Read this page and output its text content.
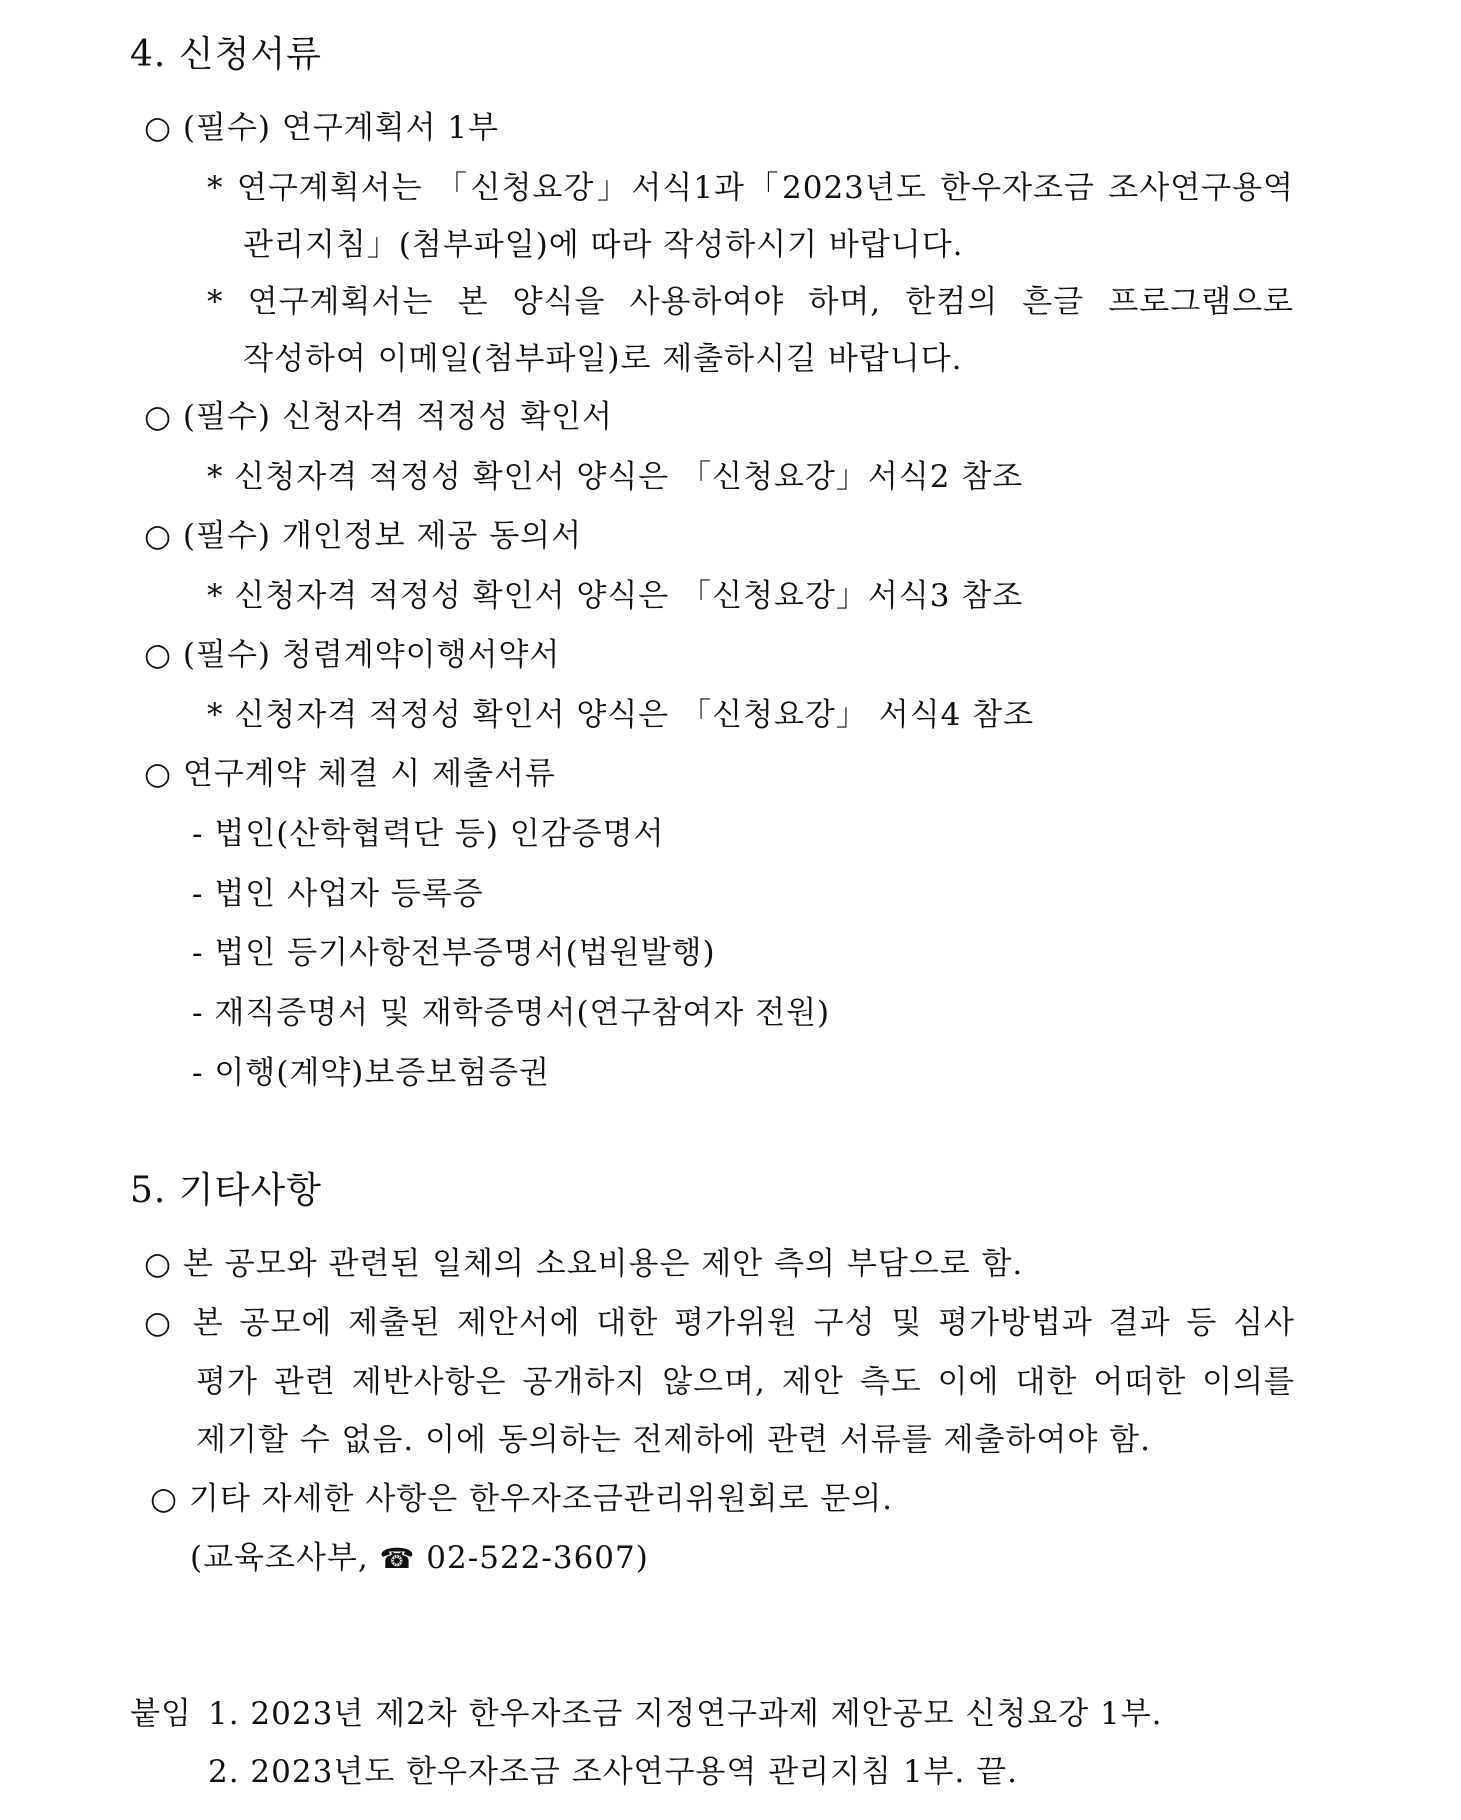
4. 신청서류
○ (필수) 연구계획서 1부
* 연구계획서는 「신청요강」서식1과「2023년도 한우자조금 조사연구용역
관리지침」(첨부파일)에 따라 작성하시기 바랍니다.
* 연구계획서는 본 양식을 사용하여야 하며, 한컴의 흔글 프로그램으로
작성하여 이메일(첨부파일)로 제출하시길 바랍니다.
○ (필수) 신청자격 적정성 확인서
* 신청자격 적정성 확인서 양식은 「신청요강」서식2 참조
○ (필수) 개인정보 제공 동의서
* 신청자격 적정성 확인서 양식은 「신청요강」서식3 참조
○ (필수) 청렴계약이행서약서
* 신청자격 적정성 확인서 양식은 「신청요강」 서식4 참조
○ 연구계약 체결 시 제출서류
- 법인(산학협력단 등) 인감증명서
- 법인 사업자 등록증
- 법인 등기사항전부증명서(법원발행)
- 재직증명서 및 재학증명서(연구참여자 전원)
- 이행(계약)보증보험증권
5. 기타사항
○ 본 공모와 관련된 일체의 소요비용은 제안 측의 부담으로 함.
○ 본 공모에 제출된 제안서에 대한 평가위원 구성 및 평가방법과 결과 등 심사
평가 관련 제반사항은 공개하지 않으며, 제안 측도 이에 대한 어떠한 이의를
제기할 수 없음. 이에 동의하는 전제하에 관련 서류를 제출하여야 함.
○ 기타 자세한 사항은 한우자조금관리위원회로 문의.
(교육조사부, ☎ 02-522-3607)
붙임 1. 2023년 제2차 한우자조금 지정연구과제 제안공모 신청요강 1부.
2. 2023년도 한우자조금 조사연구용역 관리지침 1부. 끝.
